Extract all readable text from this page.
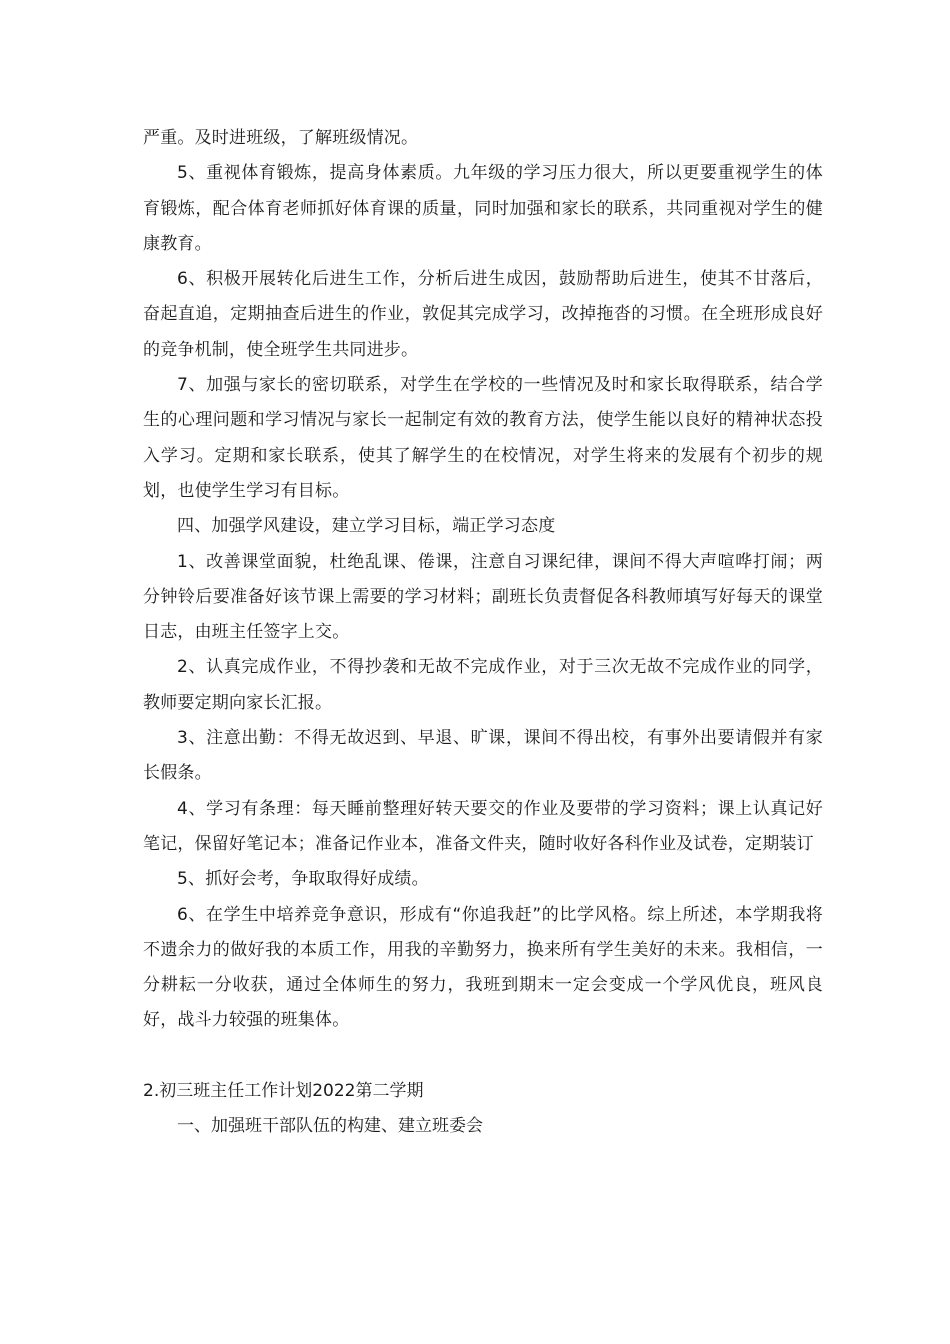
严重。及时进班级，了解班级情况。

5、重视体育锻炼，提高身体素质。九年级的学习压力很大，所以更要重视学生的体育锻炼，配合体育老师抓好体育课的质量，同时加强和家长的联系，共同重视对学生的健康教育。

6、积极开展转化后进生工作，分析后进生成因，鼓励帮助后进生，使其不甘落后，奋起直追，定期抽查后进生的作业，敦促其完成学习，改掉拖沓的习惯。在全班形成良好的竞争机制，使全班学生共同进步。

7、加强与家长的密切联系，对学生在学校的一些情况及时和家长取得联系，结合学生的心理问题和学习情况与家长一起制定有效的教育方法，使学生能以良好的精神状态投入学习。定期和家长联系，使其了解学生的在校情况，对学生将来的发展有个初步的规划，也使学生学习有目标。

四、加强学风建设，建立学习目标，端正学习态度

1、改善课堂面貌，杜绝乱课、倦课，注意自习课纪律，课间不得大声喧哗打闹；两分钟铃后要准备好该节课上需要的学习材料；副班长负责督促各科教师填写好每天的课堂日志，由班主任签字上交。

2、认真完成作业，不得抄袭和无故不完成作业，对于三次无故不完成作业的同学，教师要定期向家长汇报。

3、注意出勤：不得无故迟到、早退、旷课，课间不得出校，有事外出要请假并有家长假条。

4、学习有条理：每天睡前整理好转天要交的作业及要带的学习资料；课上认真记好笔记，保留好笔记本；准备记作业本，准备文件夹，随时收好各科作业及试卷，定期装订

5、抓好会考，争取取得好成绩。

6、在学生中培养竞争意识，形成有“你追我赶”的比学风格。综上所述，本学期我将不遗余力的做好我的本质工作，用我的辛勤努力，换来所有学生美好的未来。我相信，一分耕耘一分收获，通过全体师生的努力，我班到期末一定会变成一个学风优良，班风良好，战斗力较强的班集体。

2.初三班主任工作计划2022第二学期

一、加强班干部队伍的构建、建立班委会
